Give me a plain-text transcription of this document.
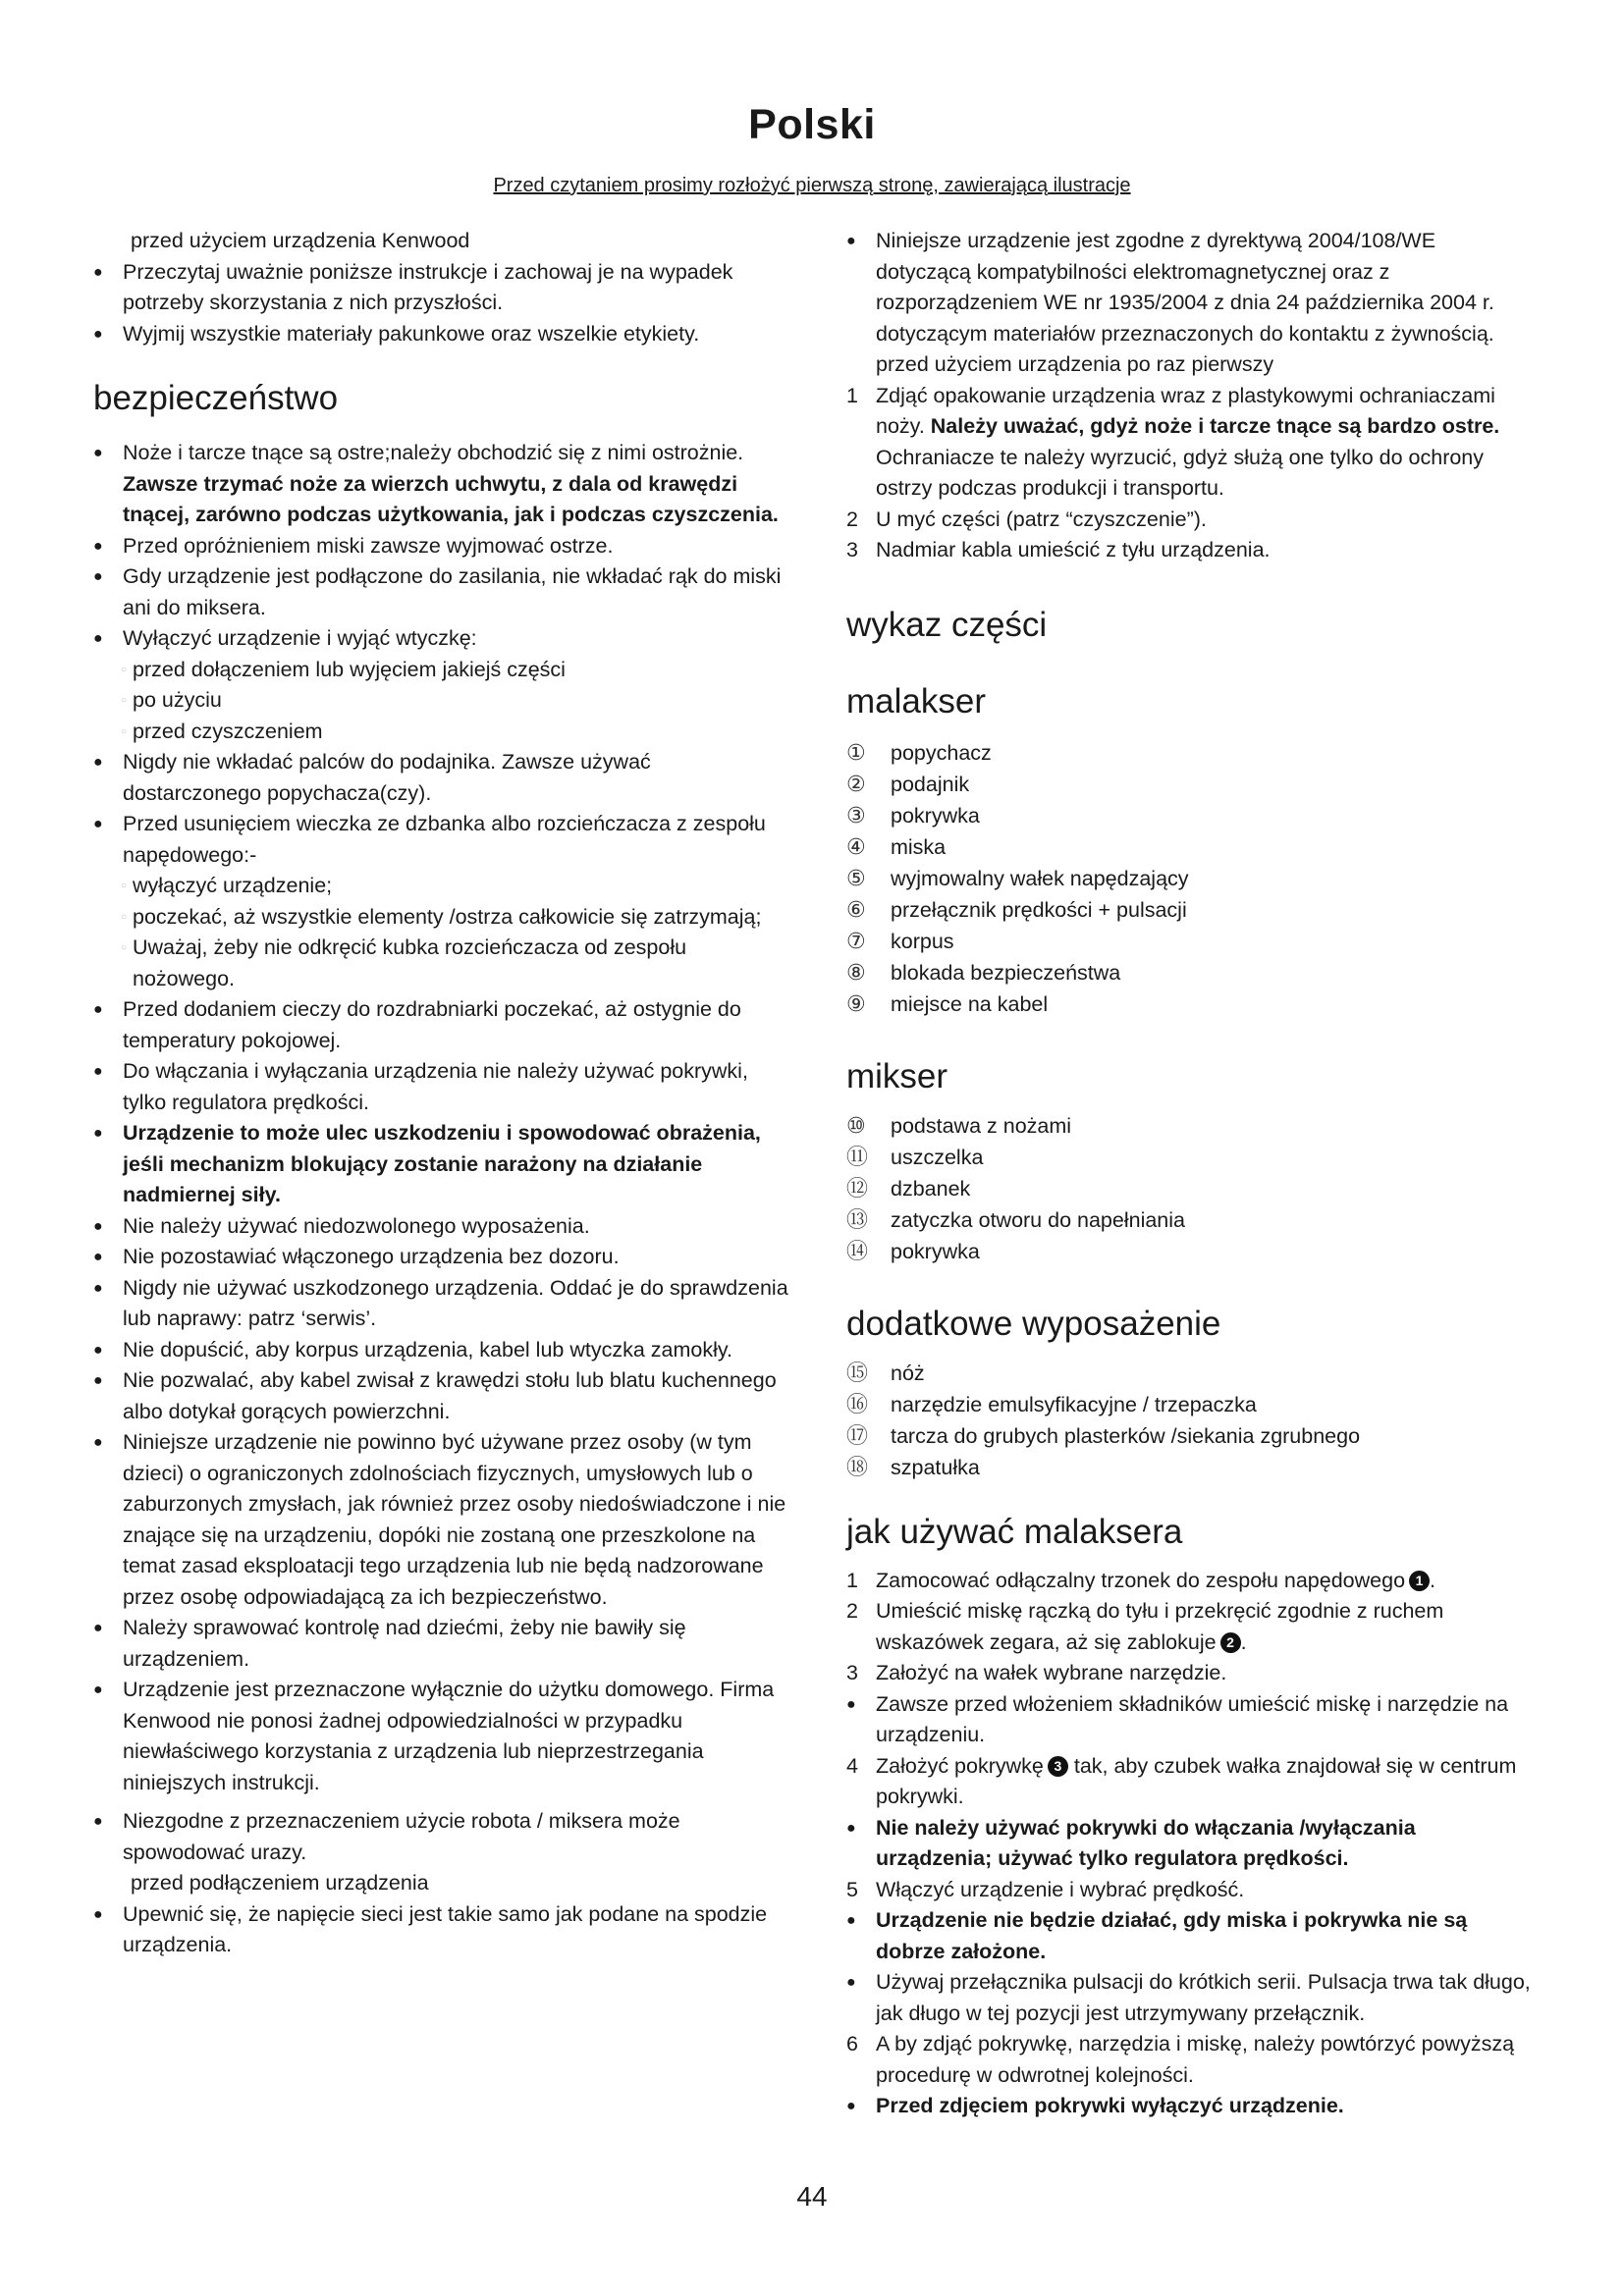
Polski

Przed czytaniem prosimy rozłożyć pierwszą stronę, zawierającą ilustracje

przed użyciem urządzenia Kenwood
● Przeczytaj uważnie poniższe instrukcje i zachowaj je na wypadek potrzeby skorzystania z nich przyszłości.
● Wyjmij wszystkie materiały pakunkowe oraz wszelkie etykiety.
bezpieczeństwo
● Noże i tarcze tnące są ostre;należy obchodzić się z nimi ostrożnie. Zawsze trzymać noże za wierzch uchwytu, z dala od krawędzi tnącej, zarówno podczas użytkowania, jak i podczas czyszczenia.
● Przed opróżnieniem miski zawsze wyjmować ostrze.
● Gdy urządzenie jest podłączone do zasilania, nie wkładać rąk do miski ani do miksera.
● Wyłączyć urządzenie i wyjąć wtyczkę:
○ przed dołączeniem lub wyjęciem jakiejś części
○ po użyciu
○ przed czyszczeniem
● Nigdy nie wkładać palców do podajnika. Zawsze używać dostarczonego popychacza(czy).
● Przed usunięciem wieczka ze dzbanka albo rozcieńczacza z zespołu napędowego:-
○ wyłączyć urządzenie;
○ poczekać, aż wszystkie elementy /ostrza całkowicie się zatrzymają;
○ Uważaj, żeby nie odkręcić kubka rozcieńczacza od zespołu nożowego.
● Przed dodaniem cieczy do rozdrabniarki poczekać, aż ostygnie do temperatury pokojowej.
● Do włączania i wyłączania urządzenia nie należy używać pokrywki, tylko regulatora prędkości.
● Urządzenie to może ulec uszkodzeniu i spowodować obrażenia, jeśli mechanizm blokujący zostanie narażony na działanie nadmiernej siły.
● Nie należy używać niedozwolonego wyposażenia.
● Nie pozostawiać włączonego urządzenia bez dozoru.
● Nigdy nie używać uszkodzonego urządzenia. Oddać je do sprawdzenia lub naprawy: patrz ‘serwis’.
● Nie dopuścić, aby korpus urządzenia, kabel lub wtyczka zamokły.
● Nie pozwalać, aby kabel zwisał z krawędzi stołu lub blatu kuchennego albo dotykał gorących powierzchni.
● Niniejsze urządzenie nie powinno być używane przez osoby (w tym dzieci) o ograniczonych zdolnościach fizycznych, umysłowych lub o zaburzonych zmysłach, jak również przez osoby niedoświadczone i nie znające się na urządzeniu, dopóki nie zostaną one przeszkolone na temat zasad eksploatacji tego urządzenia lub nie będą nadzorowane przez osobę odpowiadającą za ich bezpieczeństwo.
● Należy sprawować kontrolę nad dziećmi, żeby nie bawiły się urządzeniem.
● Urządzenie jest przeznaczone wyłącznie do użytku domowego. Firma Kenwood nie ponosi żadnej odpowiedzialności w przypadku niewłaściwego korzystania z urządzenia lub nieprzestrzegania niniejszych instrukcji.
● Niezgodne z przeznaczeniem użycie robota / miksera może spowodować urazy.
przed podłączeniem urządzenia
● Upewnić się, że napięcie sieci jest takie samo jak podane na spodzie urządzenia.
● Niniejsze urządzenie jest zgodne z dyrektywą 2004/108/WE dotyczącą kompatybilności elektromagnetycznej oraz z rozporządzeniem WE nr 1935/2004 z dnia 24 października 2004 r. dotyczącym materiałów przeznaczonych do kontaktu z żywnością.
przed użyciem urządzenia po raz pierwszy
1 Zdjąć opakowanie urządzenia wraz z plastykowymi ochraniaczami noży. Należy uważać, gdyż noże i tarcze tnące są bardzo ostre. Ochraniacze te należy wyrzucić, gdyż służą one tylko do ochrony ostrzy podczas produkcji i transportu.
2 U myć części (patrz “czyszczenie”).
3 Nadmiar kabla umieścić z tyłu urządzenia.
wykaz części
malakser
① popychacz
② podajnik
③ pokrywka
④ miska
⑤ wyjmowalny wałek napędzający
⑥ przełącznik prędkości + pulsacji
⑦ korpus
⑧ blokada bezpieczeństwa
⑨ miejsce na kabel
mikser
⑩ podstawa z nożami
⑪ uszczelka
⑫ dzbanek
⑬ zatyczka otworu do napełniania
⑭ pokrywka
dodatkowe wyposażenie
⑮ nóż
⑯ narzędzie emulsyfikacyjne / trzepaczka
⑰ tarcza do grubych plasterków /siekania zgrubnego
⑱ szpatułka
jak używać malaksera
1 Zamocować odłączalny trzonek do zespołu napędowego 1 .
2 Umieścić miskę rączką do tyłu i przekręcić zgodnie z ruchem wskazówek zegara, aż się zablokuje 2 .
3 Założyć na wałek wybrane narzędzie.
● Zawsze przed włożeniem składników umieścić miskę i narzędzie na urządzeniu.
4 Założyć pokrywkę 3 tak, aby czubek wałka znajdował się w centrum pokrywki.
● Nie należy używać pokrywki do włączania /wyłączania urządzenia; używać tylko regulatora prędkości.
5 Włączyć urządzenie i wybrać prędkość.
● Urządzenie nie będzie działać, gdy miska i pokrywka nie są dobrze założone.
● Używaj przełącznika pulsacji do krótkich serii. Pulsacja trwa tak długo, jak długo w tej pozycji jest utrzymywany przełącznik.
6 A by zdjąć pokrywkę, narzędzia i miskę, należy powtórzyć powyższą procedurę w odwrotnej kolejności.
● Przed zdjęciem pokrywki wyłączyć urządzenie.

44
